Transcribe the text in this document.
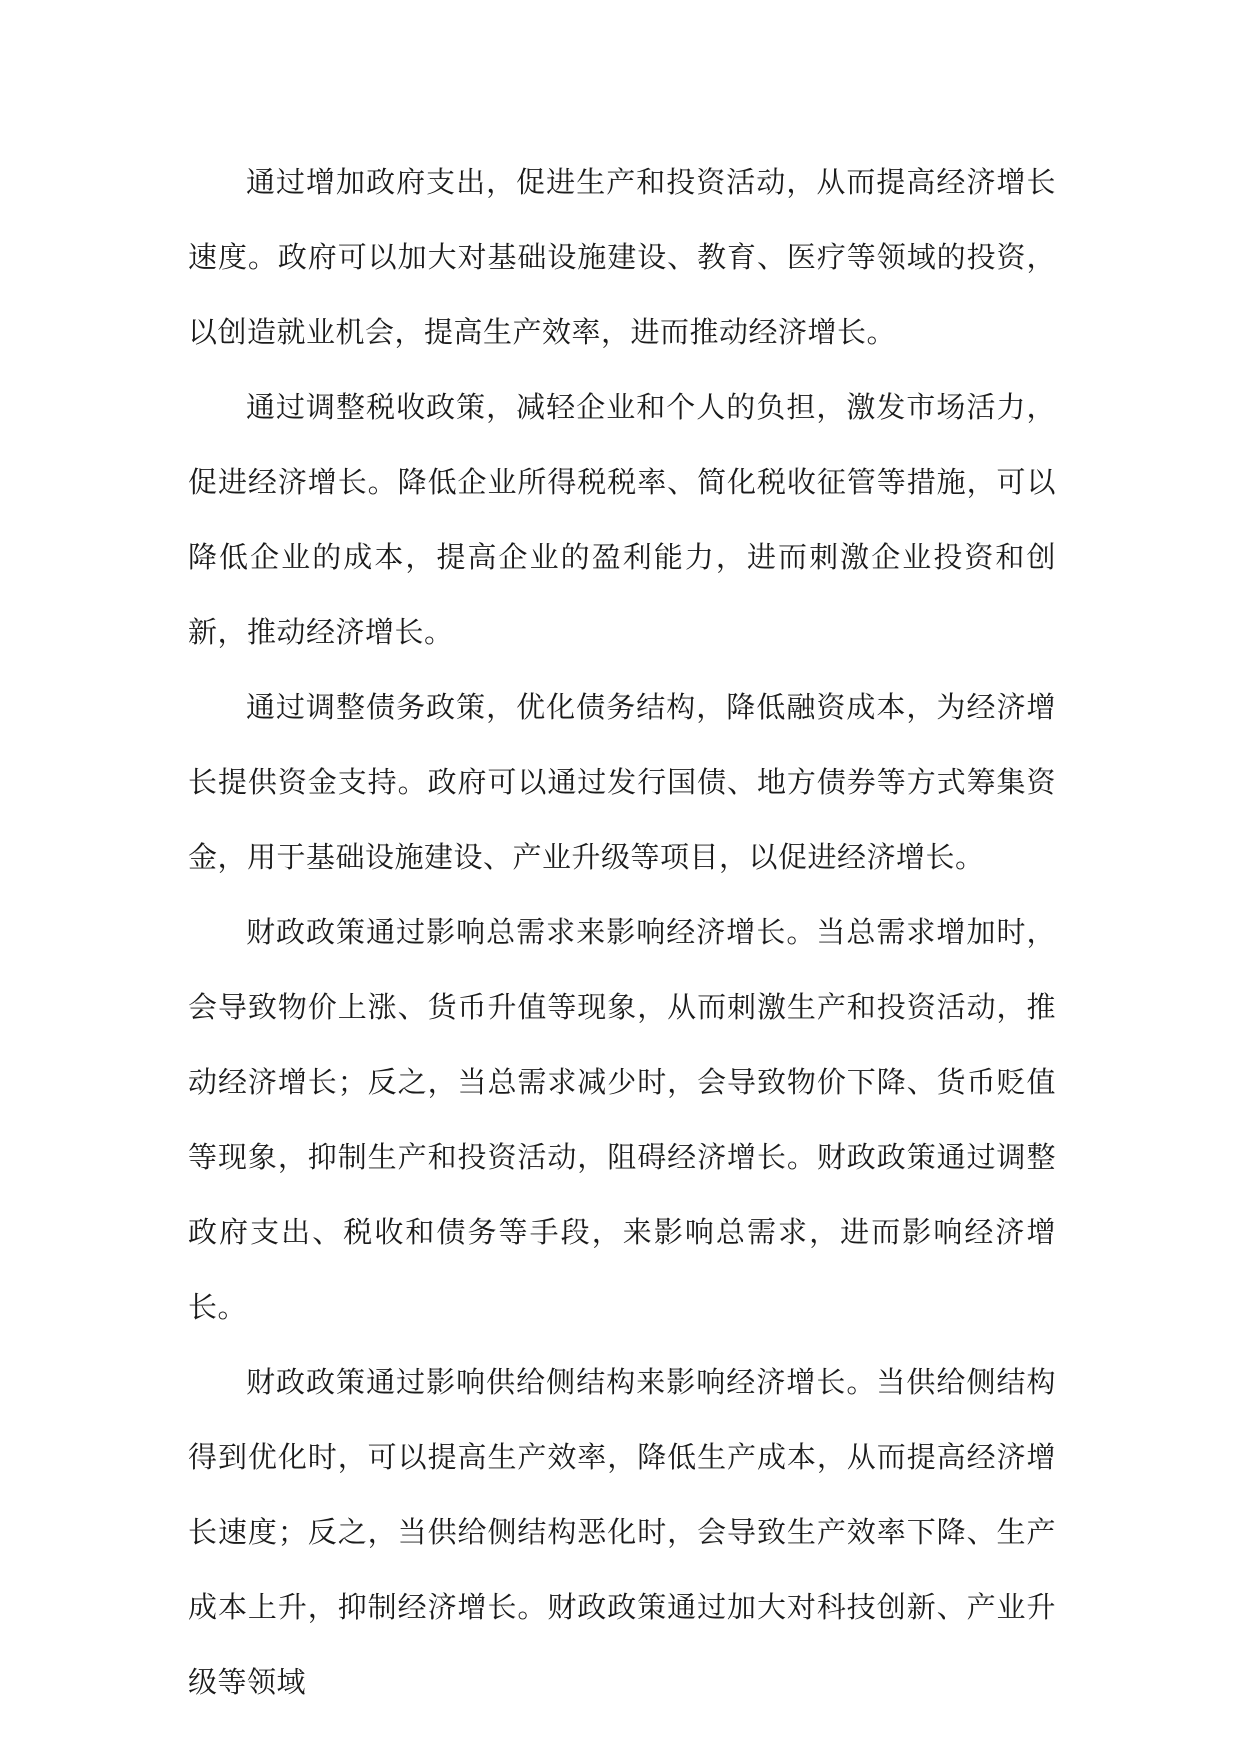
通过增加政府支出，促进生产和投资活动，从而提高经济增长速度。政府可以加大对基础设施建设、教育、医疗等领域的投资，以创造就业机会，提高生产效率，进而推动经济增长。

通过调整税收政策，减轻企业和个人的负担，激发市场活力，促进经济增长。降低企业所得税税率、简化税收征管等措施，可以降低企业的成本，提高企业的盈利能力，进而刺激企业投资和创新，推动经济增长。

通过调整债务政策，优化债务结构，降低融资成本，为经济增长提供资金支持。政府可以通过发行国债、地方债券等方式筹集资金，用于基础设施建设、产业升级等项目，以促进经济增长。

财政政策通过影响总需求来影响经济增长。当总需求增加时，会导致物价上涨、货币升值等现象，从而刺激生产和投资活动，推动经济增长；反之，当总需求减少时，会导致物价下降、货币贬值等现象，抑制生产和投资活动，阻碍经济增长。财政政策通过调整政府支出、税收和债务等手段，来影响总需求，进而影响经济增长。

财政政策通过影响供给侧结构来影响经济增长。当供给侧结构得到优化时，可以提高生产效率，降低生产成本，从而提高经济增长速度；反之，当供给侧结构恶化时，会导致生产效率下降、生产成本上升，抑制经济增长。财政政策通过加大对科技创新、产业升级等领域
